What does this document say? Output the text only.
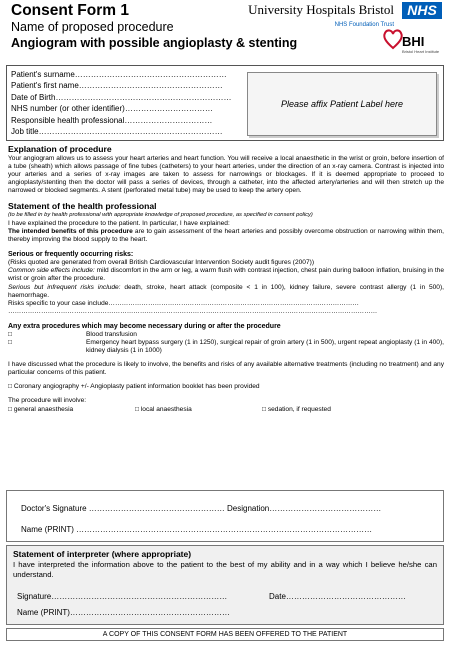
Consent Form 1
Name of proposed procedure
Angiogram with possible angioplasty & stenting
University Hospitals Bristol
NHS Foundation Trust
NHS
BHI
Bristol Heart Institute
Patient's surname…………………………………………………
Patient's first name………………………………………………
Date of Birth…………………………………………………………
NHS number (or other identifier)……………………………
Responsible health professional……………………………
Job title……………………………………………………………
Please affix Patient Label here
Explanation of procedure
Your angiogram allows us to assess your heart arteries and heart function. You will receive a local anaesthetic in the wrist or groin, before insertion of a tube (sheath) which allows passage of fine tubes (catheters) to your heart arteries, under the direction of an x-ray camera. Contrast is injected into your arteries and a series of x-ray images are taken to assess for narrowings or blockages. If it is deemed appropriate to proceed to angioplasty/stenting then the doctor will pass a series of devices, through a catheter, into the affected artery/arteries and will then stretch up the narrowed or blocked segments. A stent (perforated metal tube) may be used to keep the artery open.
Statement of the health professional
(to be filled in by health professional with appropriate knowledge of proposed procedure, as specified in consent policy)
I have explained the procedure to the patient. In particular, I have explained:
The intended benefits of this procedure are to gain assessment of the heart arteries and possibly overcome obstruction or narrowing within them, thereby improving the blood supply to the heart.
Serious or frequently occurring risks:
(Risks quoted are generated from overall British Cardiovascular Intervention Society audit figures (2007))
Common side effects include: mild discomfort in the arm or leg, a warm flush with contrast injection, chest pain during balloon inflation, bruising in the wrist or groin after the procedure.
Serious but infrequent risks include: death, stroke, heart attack (composite < 1 in 100), kidney failure, severe contrast allergy (1 in 500), haemorrhage.
Risks specific to your case include……………………………………………………………………………………………………
……………………………………………………………………………………………………………………………………………………
Any extra procedures which may become necessary during or after the procedure
□	Blood transfusion
□	Emergency heart bypass surgery (1 in 1250), surgical repair of groin artery (1 in 500), urgent repeat angioplasty (1 in 400), kidney dialysis (1 in 1000)
I have discussed what the procedure is likely to involve, the benefits and risks of any available alternative treatments (including no treatment) and any particular concerns of this patient.
□ Coronary angiography +/- Angioplasty patient information booklet has been provided
The procedure will involve:
□ general anaesthesia	□ local anaesthesia	□ sedation, if requested
Doctor's Signature …………………………………………… Designation……………………………………
Name (PRINT) …………………………………………………………………………………………………
Statement of interpreter (where appropriate)
I have interpreted the information above to the patient to the best of my ability and in a way which I believe he/she can understand.
Signature…………………………………………………………	Date………………………………………
Name (PRINT)……………………………………………………
A COPY OF THIS CONSENT FORM HAS BEEN OFFERED TO THE PATIENT
